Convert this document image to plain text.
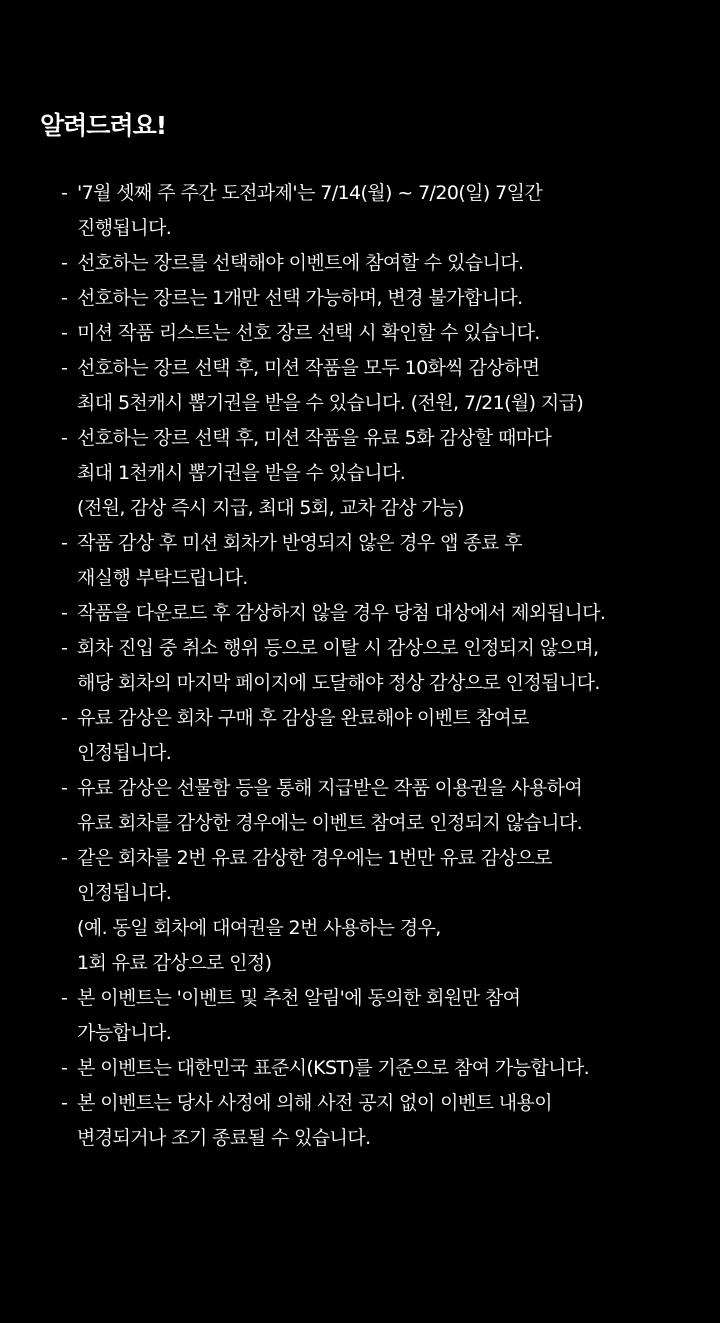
알려드려요!
- '7월 셋째 주 주간 도전과제'는 7/14(월) ~ 7/20(일) 7일간
진행됩니다.
- 선호하는 장르를 선택해야 이벤트에 참여할 수 있습니다.
- 선호하는 장르는 1개만 선택 가능하며, 변경 불가합니다.
- 미션 작품 리스트는 선호 장르 선택 시 확인할 수 있습니다.
- 선호하는 장르 선택 후, 미션 작품을 모두 10화씩 감상하면
최대 5천캐시 뽑기권을 받을 수 있습니다. (전원, 7/21(월) 지급)
- 선호하는 장르 선택 후, 미션 작품을 유료 5화 감상할 때마다
최대 1천캐시 뽑기권을 받을 수 있습니다.
(전원, 감상 즉시 지급, 최대 5회, 교차 감상 가능)
- 작품 감상 후 미션 회차가 반영되지 않은 경우 앱 종료 후
재실행 부탁드립니다.
- 작품을 다운로드 후 감상하지 않을 경우 당첨 대상에서 제외됩니다.
- 회차 진입 중 취소 행위 등으로 이탈 시 감상으로 인정되지 않으며,
해당 회차의 마지막 페이지에 도달해야 정상 감상으로 인정됩니다.
- 유료 감상은 회차 구매 후 감상을 완료해야 이벤트 참여로
인정됩니다.
- 유료 감상은 선물함 등을 통해 지급받은 작품 이용권을 사용하여
유료 회차를 감상한 경우에는 이벤트 참여로 인정되지 않습니다.
- 같은 회차를 2번 유료 감상한 경우에는 1번만 유료 감상으로
인정됩니다.
(예. 동일 회차에 대여권을 2번 사용하는 경우,
1회 유료 감상으로 인정)
- 본 이벤트는 '이벤트 및 추천 알림'에 동의한 회원만 참여
가능합니다.
- 본 이벤트는 대한민국 표준시(KST)를 기준으로 참여 가능합니다.
- 본 이벤트는 당사 사정에 의해 사전 공지 없이 이벤트 내용이
변경되거나 조기 종료될 수 있습니다.
